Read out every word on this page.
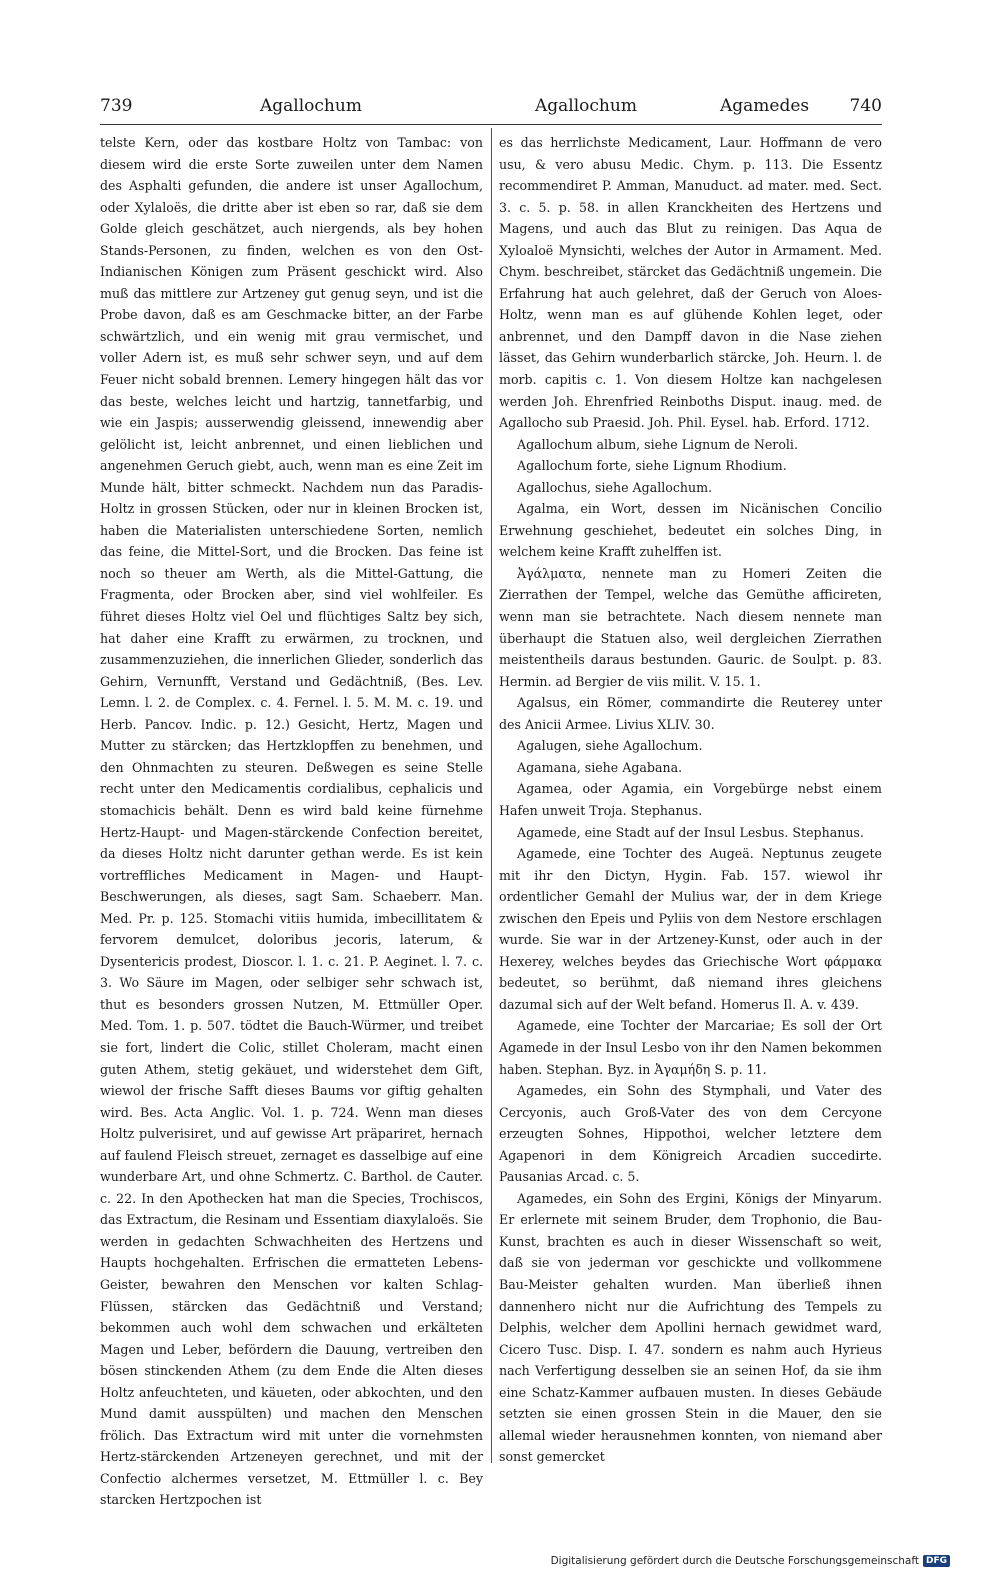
739	Agallochum	Agallochum	Agamedes 740

telste Kern, oder das kostbare Holtz von Tambac: von diesem wird die erste Sorte zuweilen unter dem Namen des Asphalti gefunden, die andere ist unser Agallochum, oder Xylaloës, die dritte aber ist eben so rar, daß sie dem Golde gleich geschätzet, auch niergends, als bey hohen Stands-Personen, zu finden, welchen es von den Ost-Indianischen Königen zum Präsent geschickt wird. Also muß das mittlere zur Artzeney gut genug seyn, und ist die Probe davon, daß es am Geschmacke bitter, an der Farbe schwärtzlich, und ein wenig mit grau vermischet, und voller Adern ist, es muß sehr schwer seyn, und auf dem Feuer nicht sobald brennen. Lemery hingegen hält das vor das beste, welches leicht und hartzig, tannetfarbig, und wie ein Jaspis; ausserwendig gleissend, innewendig aber gelölicht ist, leicht anbrennet, und einen lieblichen und angenehmen Geruch giebt, auch, wenn man es eine Zeit im Munde hält, bitter schmeckt. Nachdem nun das Paradis-Holtz in grossen Stücken, oder nur in kleinen Brocken ist, haben die Materialisten unterschiedene Sorten, nemlich das feine, die Mittel-Sort, und die Brocken. Das feine ist noch so theuer am Werth, als die Mittel-Gattung, die Fragmenta, oder Brocken aber, sind viel wohlfeiler. Es führet dieses Holtz viel Oel und flüchtiges Saltz bey sich, hat daher eine Krafft zu erwärmen, zu trocknen, und zusammenzuziehen, die innerlichen Glieder, sonderlich das Gehirn, Vernunfft, Verstand und Gedächtniß, (Bes. Lev. Lemn. l. 2. de Complex. c. 4. Fernel. l. 5. M. M. c. 19. und Herb. Pancov. Indic. p. 12.) Gesicht, Hertz, Magen und Mutter zu stärcken; das Hertzklopffen zu benehmen, und den Ohnmachten zu steuren. Deßwegen es seine Stelle recht unter den Medicamentis cordialibus, cephalicis und stomachicis behält. Denn es wird bald keine fürnehme Hertz-Haupt- und Magen-stärckende Confection bereitet, da dieses Holtz nicht darunter gethan werde. Es ist kein vortreffliches Medicament in Magen- und Haupt-Beschwerungen, als dieses, sagt Sam. Schaeberr. Man. Med. Pr. p. 125. Stomachi vitiis humida, imbecillitatem & fervorem demulcet, doloribus jecoris, laterum, & Dysentericis prodest, Dioscor. l. 1. c. 21. P. Aeginet. l. 7. c. 3. Wo Säure im Magen, oder selbiger sehr schwach ist, thut es besonders grossen Nutzen, M. Ettmüller Oper. Med. Tom. 1. p. 507. tödtet die Bauch-Würmer, und treibet sie fort, lindert die Colic, stillet Choleram, macht einen guten Athem, stetig gekäuet, und widerstehet dem Gift, wiewol der frische Safft dieses Baums vor giftig gehalten wird. Bes. Acta Anglic. Vol. 1. p. 724. Wenn man dieses Holtz pulverisiret, und auf gewisse Art präpariret, hernach auf faulend Fleisch streuet, zernaget es dasselbige auf eine wunderbare Art, und ohne Schmertz. C. Barthol. de Cauter. c. 22. In den Apothecken hat man die Species, Trochiscos, das Extractum, die Resinam und Essentiam diaxylaloës. Sie werden in gedachten Schwachheiten des Hertzens und Haupts hochgehalten. Erfrischen die ermatteten Lebens-Geister, bewahren den Menschen vor kalten Schlag-Flüssen, stärcken das Gedächtniß und Verstand; bekommen auch wohl dem schwachen und erkälteten Magen und Leber, befördern die Dauung, vertreiben den bösen stinckenden Athem (zu dem Ende die Alten dieses Holtz anfeuchteten, und käueten, oder abkochten, und den Mund damit ausspülten) und machen den Menschen frölich. Das Extractum wird mit unter die vornehmsten Hertz-stärckenden Artzeneyen gerechnet, und mit der Confectio alchermes versetzet, M. Ettmüller l. c. Bey starcken Hertzpochen ist

es das herrlichste Medicament, Laur. Hoffmann de vero usu, & vero abusu Medic. Chym. p. 113. Die Essentz recommendiret P. Amman, Manuduct. ad mater. med. Sect. 3. c. 5. p. 58. in allen Kranckheiten des Hertzens und Magens, und auch das Blut zu reinigen. Das Aqua de Xyloaloë Mynsichti, welches der Autor in Armament. Med. Chym. beschreibet, stärcket das Gedächtniß ungemein. Die Erfahrung hat auch gelehret, daß der Geruch von Aloes-Holtz, wenn man es auf glühende Kohlen leget, oder anbrennet, und den Dampff davon in die Nase ziehen lässet, das Gehirn wunderbarlich stärcke, Joh. Heurn. l. de morb. capitis c. 1. Von diesem Holtze kan nachgelesen werden Joh. Ehrenfried Reinboths Disput. inaug. med. de Agallocho sub Praesid. Joh. Phil. Eysel. hab. Erford. 1712.

Agallochum album, siehe Lignum de Neroli.

Agallochum forte, siehe Lignum Rhodium.

Agallochus, siehe Agallochum.

Agalma, ein Wort, dessen im Nicänischen Concilio Erwehnung geschiehet, bedeutet ein solches Ding, in welchem keine Krafft zuhelffen ist.

Ἀγάλματα, nennete man zu Homeri Zeiten die Zierrathen der Tempel, welche das Gemüthe afficireten, wenn man sie betrachtete. Nach diesem nennete man überhaupt die Statuen also, weil dergleichen Zierrathen meistentheils daraus bestunden. Gauric. de Soulpt. p. 83. Hermin. ad Bergier de viis milit. V. 15. 1.

Agalsus, ein Römer, commandirte die Reuterey unter des Anicii Armee. Livius XLIV. 30.

Agalugen, siehe Agallochum.

Agamana, siehe Agabana.

Agamea, oder Agamia, ein Vorgebürge nebst einem Hafen unweit Troja. Stephanus.

Agamede, eine Stadt auf der Insul Lesbus. Stephanus.

Agamede, eine Tochter des Augeä. Neptunus zeugete mit ihr den Dictyn, Hygin. Fab. 157. wiewol ihr ordentlicher Gemahl der Mulius war, der in dem Kriege zwischen den Epeis und Pyliis von dem Nestore erschlagen wurde. Sie war in der Artzeney-Kunst, oder auch in der Hexerey, welches beydes das Griechische Wort φάρμακα bedeutet, so berühmt, daß niemand ihres gleichens dazumal sich auf der Welt befand. Homerus Il. A. v. 439.

Agamede, eine Tochter der Marcariae; Es soll der Ort Agamede in der Insul Lesbo von ihr den Namen bekommen haben. Stephan. Byz. in Ἀγαμήδη S. p. 11.

Agamedes, ein Sohn des Stymphali, und Vater des Cercyonis, auch Groß-Vater des von dem Cercyone erzeugten Sohnes, Hippothoi, welcher letztere dem Agapenori in dem Königreich Arcadien succedirte. Pausanias Arcad. c. 5.

Agamedes, ein Sohn des Ergini, Königs der Minyarum. Er erlernete mit seinem Bruder, dem Trophonio, die Bau-Kunst, brachten es auch in dieser Wissenschaft so weit, daß sie von jederman vor geschickte und vollkommene Bau-Meister gehalten wurden. Man überließ ihnen dannenhero nicht nur die Aufrichtung des Tempels zu Delphis, welcher dem Apollini hernach gewidmet ward, Cicero Tusc. Disp. I. 47. sondern es nahm auch Hyrieus nach Verfertigung desselben sie an seinen Hof, da sie ihm eine Schatz-Kammer aufbauen musten. In dieses Gebäude setzten sie einen grossen Stein in die Mauer, den sie allemal wieder herausnehmen konnten, von niemand aber sonst gemercket

Digitalisierung gefördert durch die Deutsche Forschungsgemeinschaft DFG
